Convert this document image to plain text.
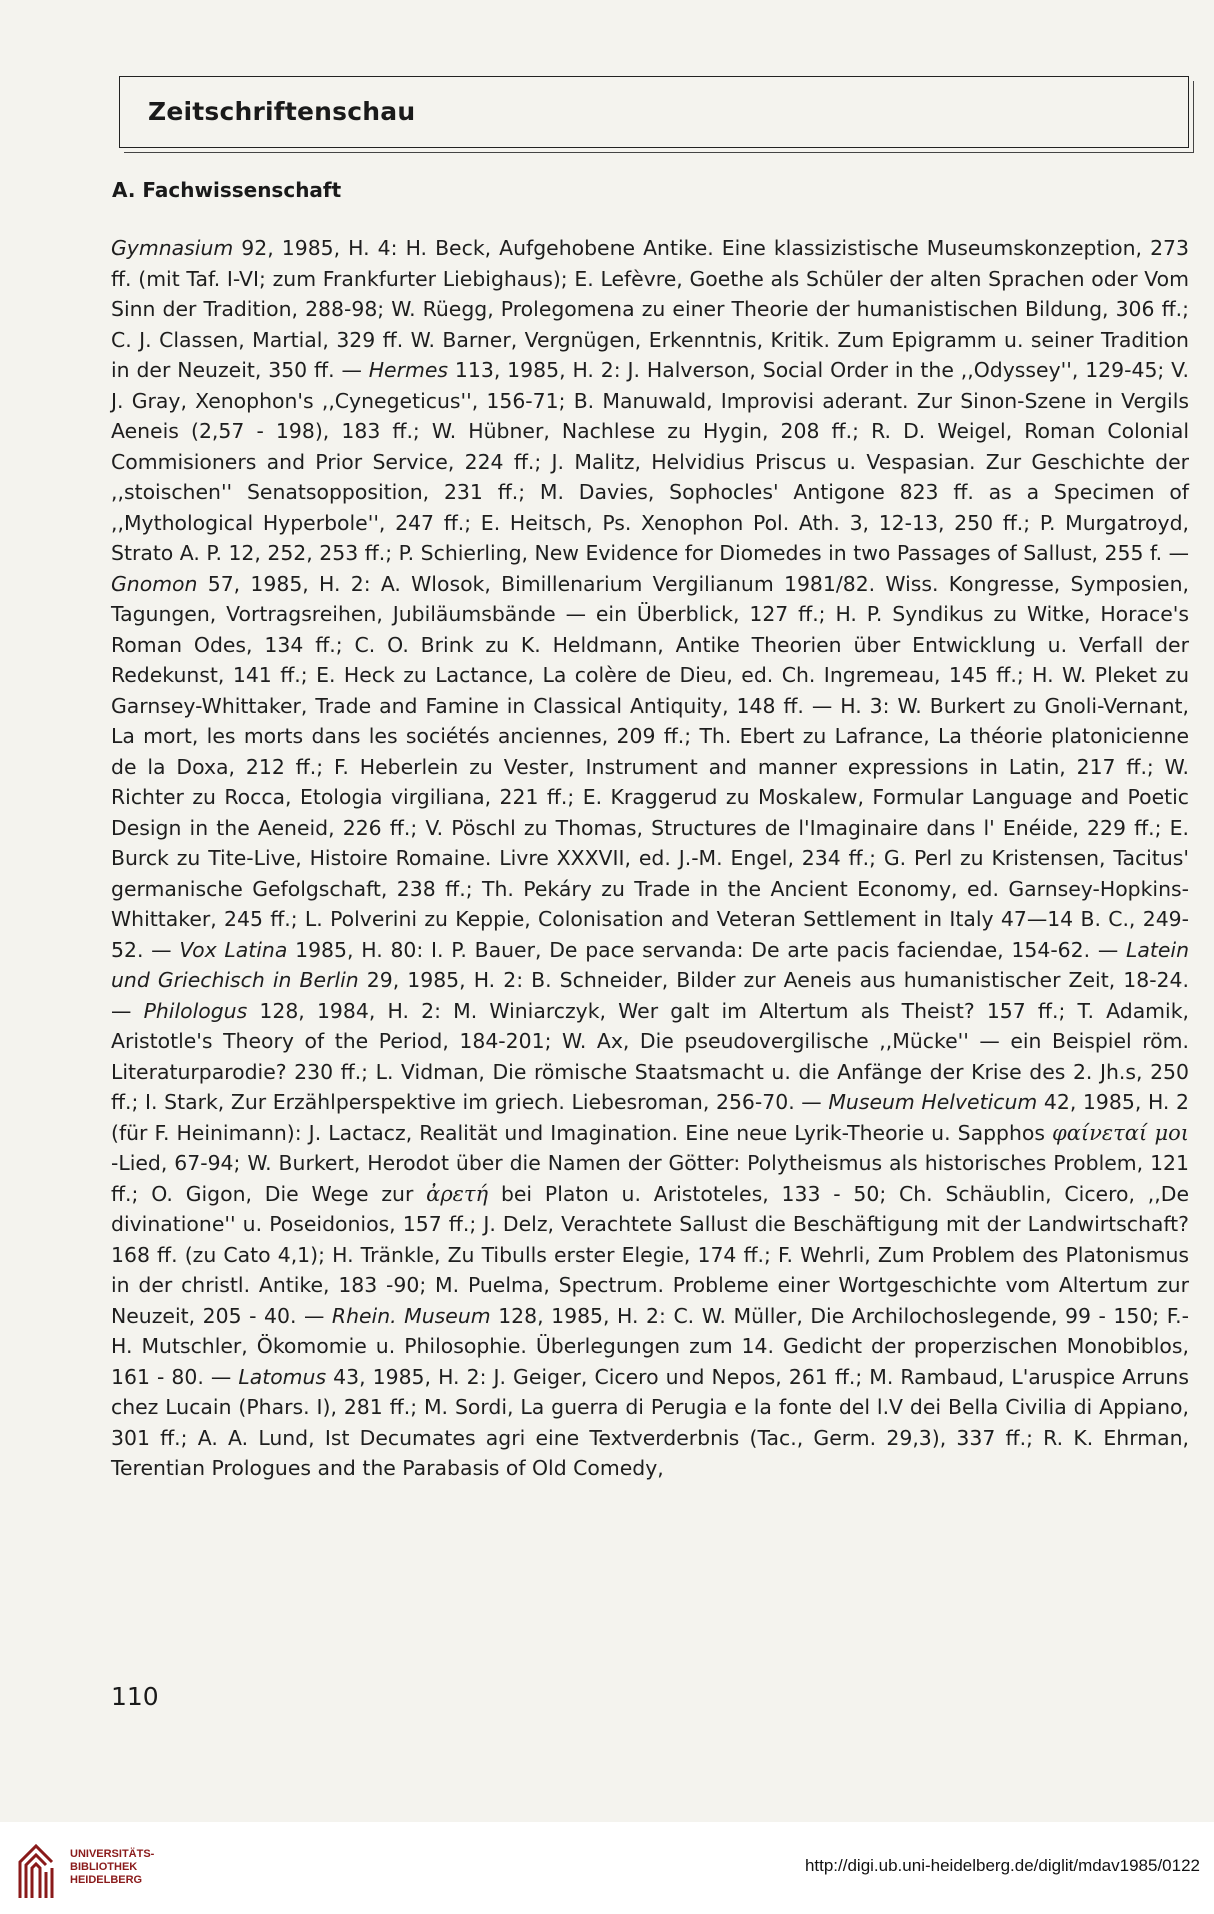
Zeitschriftenschau
A. Fachwissenschaft
Gymnasium 92, 1985, H. 4: H. Beck, Aufgehobene Antike. Eine klassizistische Museumskonzeption, 273 ff. (mit Taf. I-VI; zum Frankfurter Liebighaus); E. Lefèvre, Goethe als Schüler der alten Sprachen oder Vom Sinn der Tradition, 288-98; W. Rüegg, Prolegomena zu einer Theorie der humanistischen Bildung, 306 ff.; C. J. Classen, Martial, 329 ff. W. Barner, Vergnügen, Erkenntnis, Kritik. Zum Epigramm u. seiner Tradition in der Neuzeit, 350 ff. — Hermes 113, 1985, H. 2: J. Halverson, Social Order in the ,,Odyssey'', 129-45; V. J. Gray, Xenophon's ,,Cynegeticus'', 156-71; B. Manuwald, Improvisi aderant. Zur Sinon-Szene in Vergils Aeneis (2,57 - 198), 183 ff.; W. Hübner, Nachlese zu Hygin, 208 ff.; R. D. Weigel, Roman Colonial Commisioners and Prior Service, 224 ff.; J. Malitz, Helvidius Priscus u. Vespasian. Zur Geschichte der ,,stoischen'' Senatsopposition, 231 ff.; M. Davies, Sophocles' Antigone 823 ff. as a Specimen of ,,Mythological Hyperbole'', 247 ff.; E. Heitsch, Ps. Xenophon Pol. Ath. 3, 12-13, 250 ff.; P. Murgatroyd, Strato A. P. 12, 252, 253 ff.; P. Schierling, New Evidence for Diomedes in two Passages of Sallust, 255 f. — Gnomon 57, 1985, H. 2: A. Wlosok, Bimillenarium Vergilianum 1981/82. Wiss. Kongresse, Symposien, Tagungen, Vortragsreihen, Jubiläumsbände — ein Überblick, 127 ff.; H. P. Syndikus zu Witke, Horace's Roman Odes, 134 ff.; C. O. Brink zu K. Heldmann, Antike Theorien über Entwicklung u. Verfall der Redekunst, 141 ff.; E. Heck zu Lactance, La colère de Dieu, ed. Ch. Ingremeau, 145 ff.; H. W. Pleket zu Garnsey-Whittaker, Trade and Famine in Classical Antiquity, 148 ff. — H. 3: W. Burkert zu Gnoli-Vernant, La mort, les morts dans les sociétés anciennes, 209 ff.; Th. Ebert zu Lafrance, La théorie platonicienne de la Doxa, 212 ff.; F. Heberlein zu Vester, Instrument and manner expressions in Latin, 217 ff.; W. Richter zu Rocca, Etologia virgiliana, 221 ff.; E. Kraggerud zu Moskalew, Formular Language and Poetic Design in the Aeneid, 226 ff.; V. Pöschl zu Thomas, Structures de l'Imaginaire dans l' Enéide, 229 ff.; E. Burck zu Tite-Live, Histoire Romaine. Livre XXXVII, ed. J.-M. Engel, 234 ff.; G. Perl zu Kristensen, Tacitus' germanische Gefolgschaft, 238 ff.; Th. Pekáry zu Trade in the Ancient Economy, ed. Garnsey-Hopkins-Whittaker, 245 ff.; L. Polverini zu Keppie, Colonisation and Veteran Settlement in Italy 47—14 B. C., 249-52. — Vox Latina 1985, H. 80: I. P. Bauer, De pace servanda: De arte pacis faciendae, 154-62. — Latein und Griechisch in Berlin 29, 1985, H. 2: B. Schneider, Bilder zur Aeneis aus humanistischer Zeit, 18-24. — Philologus 128, 1984, H. 2: M. Winiarczyk, Wer galt im Altertum als Theist? 157 ff.; T. Adamik, Aristotle's Theory of the Period, 184-201; W. Ax, Die pseudovergilische ,,Mücke'' — ein Beispiel röm. Literaturparodie? 230 ff.; L. Vidman, Die römische Staatsmacht u. die Anfänge der Krise des 2. Jh.s, 250 ff.; I. Stark, Zur Erzählperspektive im griech. Liebesroman, 256-70. — Museum Helveticum 42, 1985, H. 2 (für F. Heinimann): J. Lactacz, Realität und Imagination. Eine neue Lyrik-Theorie u. Sapphos φαίνεταί μοι -Lied, 67-94; W. Burkert, Herodot über die Namen der Götter: Polytheismus als historisches Problem, 121 ff.; O. Gigon, Die Wege zur ἀρετή bei Platon u. Aristoteles, 133 - 50; Ch. Schäublin, Cicero, ,,De divinatione'' u. Poseidonios, 157 ff.; J. Delz, Verachtete Sallust die Beschäftigung mit der Landwirtschaft? 168 ff. (zu Cato 4,1); H. Tränkle, Zu Tibulls erster Elegie, 174 ff.; F. Wehrli, Zum Problem des Platonismus in der christl. Antike, 183 -90; M. Puelma, Spectrum. Probleme einer Wortgeschichte vom Altertum zur Neuzeit, 205 - 40. — Rhein. Museum 128, 1985, H. 2: C. W. Müller, Die Archilochoslegende, 99 - 150; F.-H. Mutschler, Ökomomie u. Philosophie. Überlegungen zum 14. Gedicht der properzischen Monobiblos, 161 - 80. — Latomus 43, 1985, H. 2: J. Geiger, Cicero und Nepos, 261 ff.; M. Rambaud, L'aruspice Arruns chez Lucain (Phars. I), 281 ff.; M. Sordi, La guerra di Perugia e la fonte del l.V dei Bella Civilia di Appiano, 301 ff.; A. A. Lund, Ist Decumates agri eine Textverderbnis (Tac., Germ. 29,3), 337 ff.; R. K. Ehrman, Terentian Prologues and the Parabasis of Old Comedy,
110
UNIVERSITÄTS-
BIBLIOTHEK
HEIDELBERG
http://digi.ub.uni-heidelberg.de/diglit/mdav1985/0122
